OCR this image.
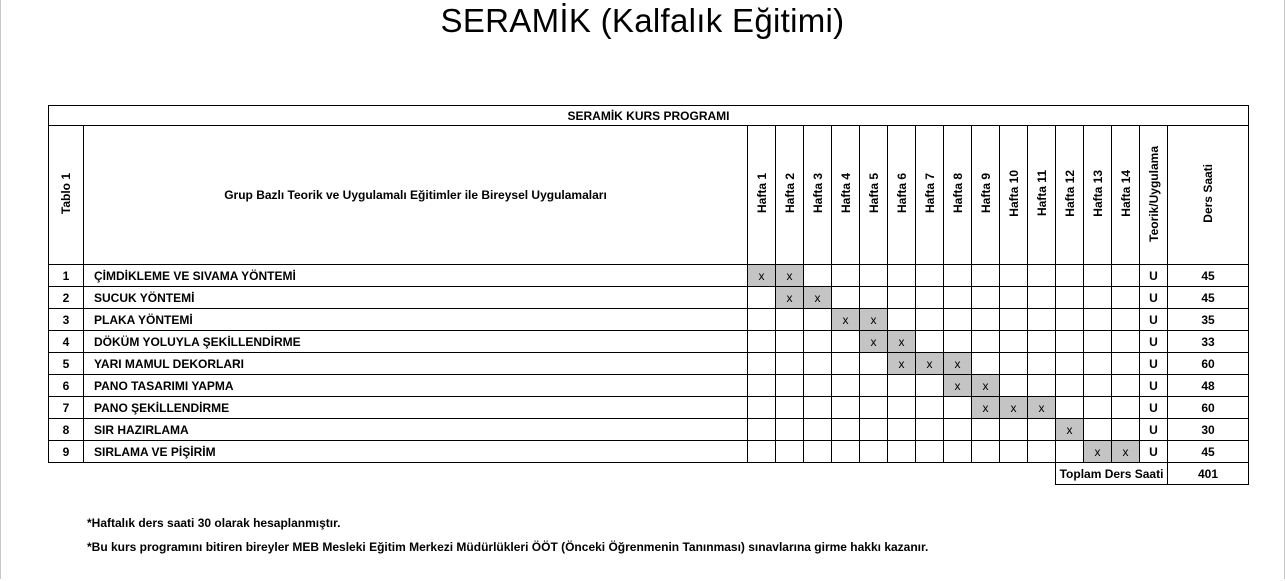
SERAMİK (Kalfalık Eğitimi)
SERAMİK KURS PROGRAMI																	
Tablo 1	Grup Bazlı Teorik ve Uygulamalı Eğitimler ile Bireysel Uygulamaları	Hafta 1	Hafta 2	Hafta 3	Hafta 4	Hafta 5	Hafta 6	Hafta 7	Hafta 8	Hafta 9	Hafta 10	Hafta 11	Hafta 12	Hafta 13	Hafta 14	Teorik/Uygulama	Ders Saati
1	ÇİMDİKLEME VE SIVAMA YÖNTEMİ	x	x													U	45
2	SUCUK YÖNTEMİ		x	x												U	45
3	PLAKA YÖNTEMİ				x	x										U	35
4	DÖKÜM YOLUYLA ŞEKİLLENDİRME					x	x									U	33
5	YARI MAMUL DEKORLARI						x	x	x							U	60
6	PANO TASARIMI YAPMA								x	x						U	48
7	PANO ŞEKİLLENDİRME									x	x	x				U	60
8	SIR HAZIRLAMA												x			U	30
9	SIRLAMA VE PİŞİRİM													x	x	U	45
													Toplam Ders Saati				401
*Haftalık ders saati 30 olarak hesaplanmıştır.
*Bu kurs programını bitiren bireyler MEB Mesleki Eğitim Merkezi Müdürlükleri ÖÖT (Önceki Öğrenmenin Tanınması) sınavlarına girme hakkı kazanır.
